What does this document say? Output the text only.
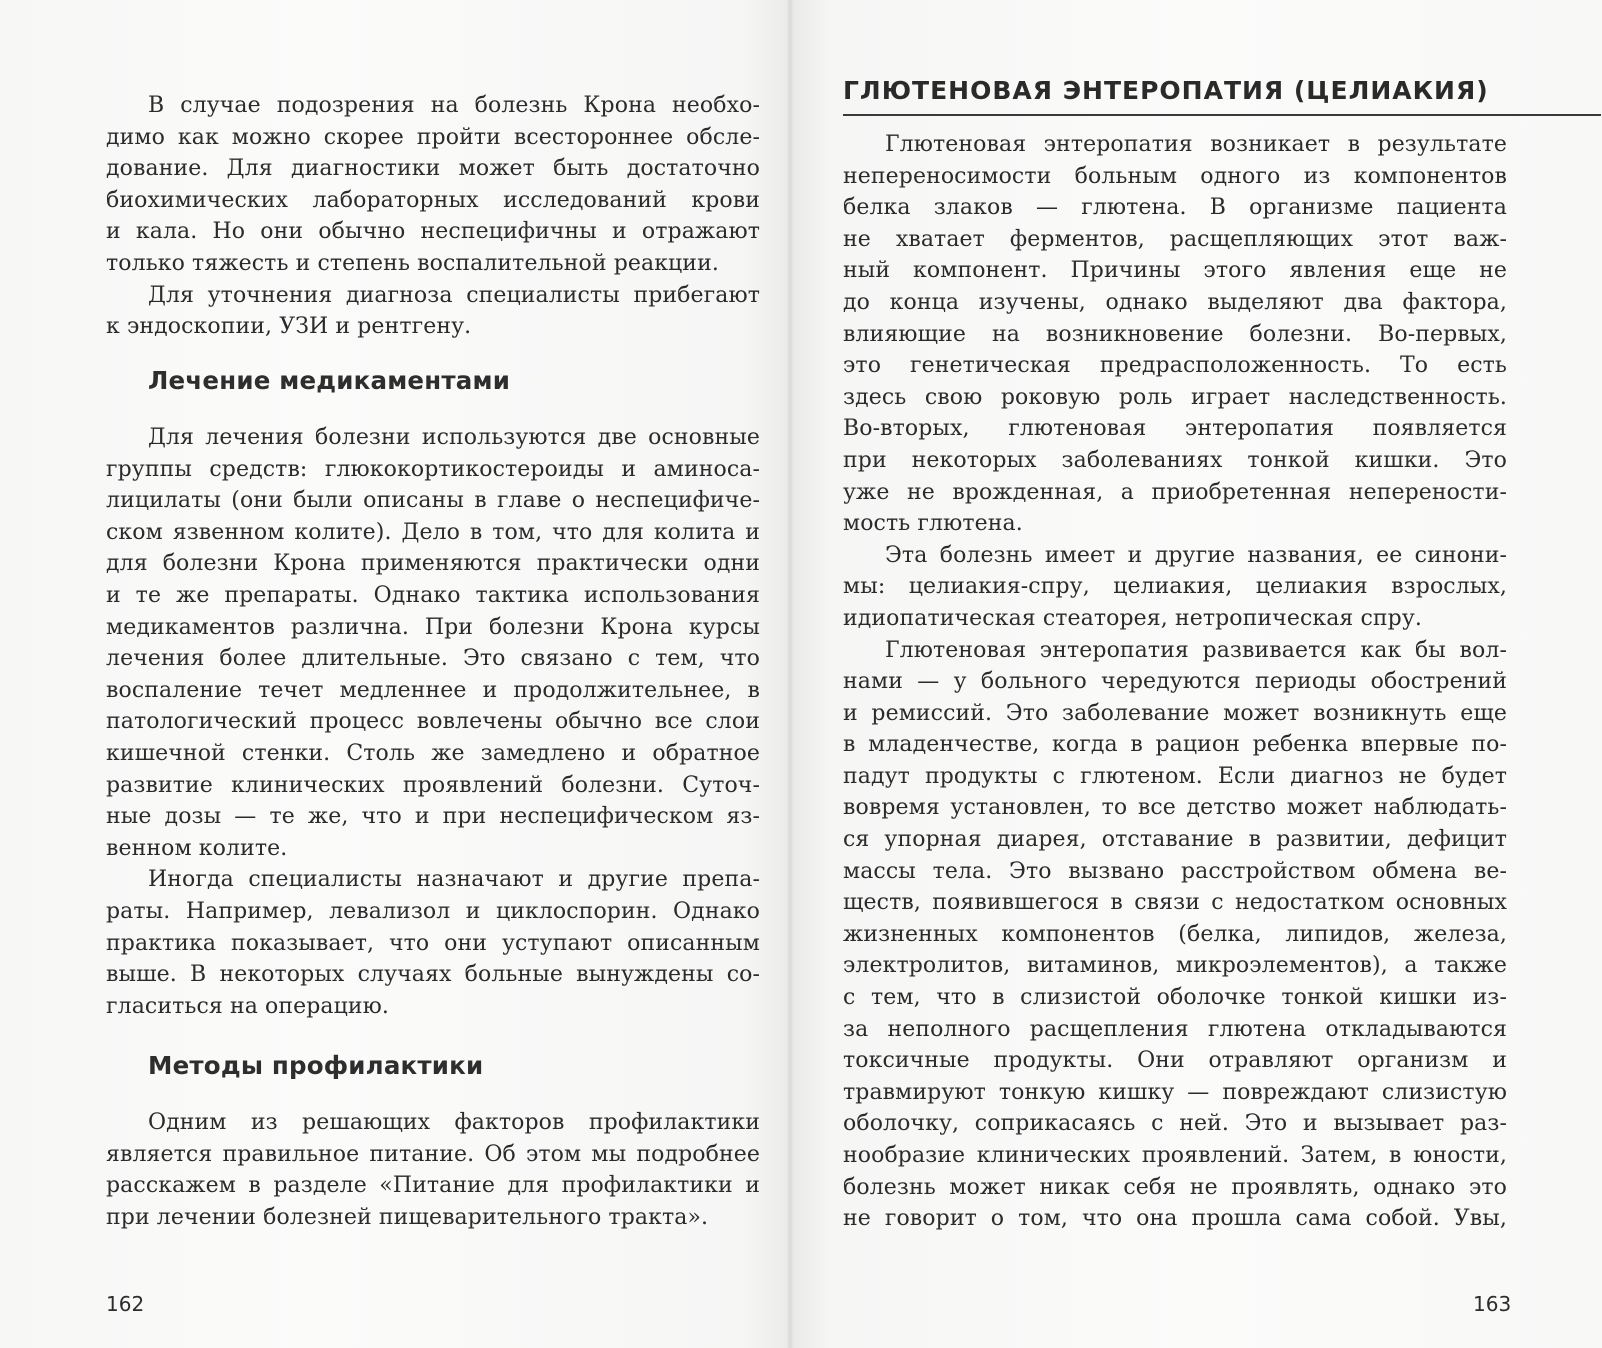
В случае подозрения на болезнь Крона необхо-
димо как можно скорее пройти всестороннее обсле-
дование. Для диагностики может быть достаточно
биохимических лабораторных исследований крови
и кала. Но они обычно неспецифичны и отражают
только тяжесть и степень воспалительной реакции.
Для уточнения диагноза специалисты прибегают
к эндоскопии, УЗИ и рентгену.
Лечение медикаментами
Для лечения болезни используются две основные
группы средств: глюкокортикостероиды и аминоса-
лицилаты (они были описаны в главе о неспецифиче-
ском язвенном колите). Дело в том, что для колита и
для болезни Крона применяются практически одни
и те же препараты. Однако тактика использования
медикаментов различна. При болезни Крона курсы
лечения более длительные. Это связано с тем, что
воспаление течет медленнее и продолжительнее, в
патологический процесс вовлечены обычно все слои
кишечной стенки. Столь же замедлено и обратное
развитие клинических проявлений болезни. Суточ-
ные дозы — те же, что и при неспецифическом яз-
венном колите.
Иногда специалисты назначают и другие препа-
раты. Например, левализол и циклоспорин. Однако
практика показывает, что они уступают описанным
выше. В некоторых случаях больные вынуждены со-
гласиться на операцию.
Методы профилактики
Одним из решающих факторов профилактики
является правильное питание. Об этом мы подробнее
расскажем в разделе «Питание для профилактики и
при лечении болезней пищеварительного тракта».
162
ГЛЮТЕНОВАЯ ЭНТЕРОПАТИЯ (ЦЕЛИАКИЯ)
Глютеновая энтеропатия возникает в результате
непереносимости больным одного из компонентов
белка злаков — глютена. В организме пациента
не хватает ферментов, расщепляющих этот важ-
ный компонент. Причины этого явления еще не
до конца изучены, однако выделяют два фактора,
влияющие на возникновение болезни. Во-первых,
это генетическая предрасположенность. То есть
здесь свою роковую роль играет наследственность.
Во-вторых, глютеновая энтеропатия появляется
при некоторых заболеваниях тонкой кишки. Это
уже не врожденная, а приобретенная неперености-
мость глютена.
Эта болезнь имеет и другие названия, ее синони-
мы: целиакия-спру, целиакия, целиакия взрослых,
идиопатическая стеаторея, нетропическая спру.
Глютеновая энтеропатия развивается как бы вол-
нами — у больного чередуются периоды обострений
и ремиссий. Это заболевание может возникнуть еще
в младенчестве, когда в рацион ребенка впервые по-
падут продукты с глютеном. Если диагноз не будет
вовремя установлен, то все детство может наблюдать-
ся упорная диарея, отставание в развитии, дефицит
массы тела. Это вызвано расстройством обмена ве-
ществ, появившегося в связи с недостатком основных
жизненных компонентов (белка, липидов, железа,
электролитов, витаминов, микроэлементов), а также
с тем, что в слизистой оболочке тонкой кишки из-
за неполного расщепления глютена откладываются
токсичные продукты. Они отравляют организм и
травмируют тонкую кишку — повреждают слизистую
оболочку, соприкасаясь с ней. Это и вызывает раз-
нообразие клинических проявлений. Затем, в юности,
болезнь может никак себя не проявлять, однако это
не говорит о том, что она прошла сама собой. Увы,
163
